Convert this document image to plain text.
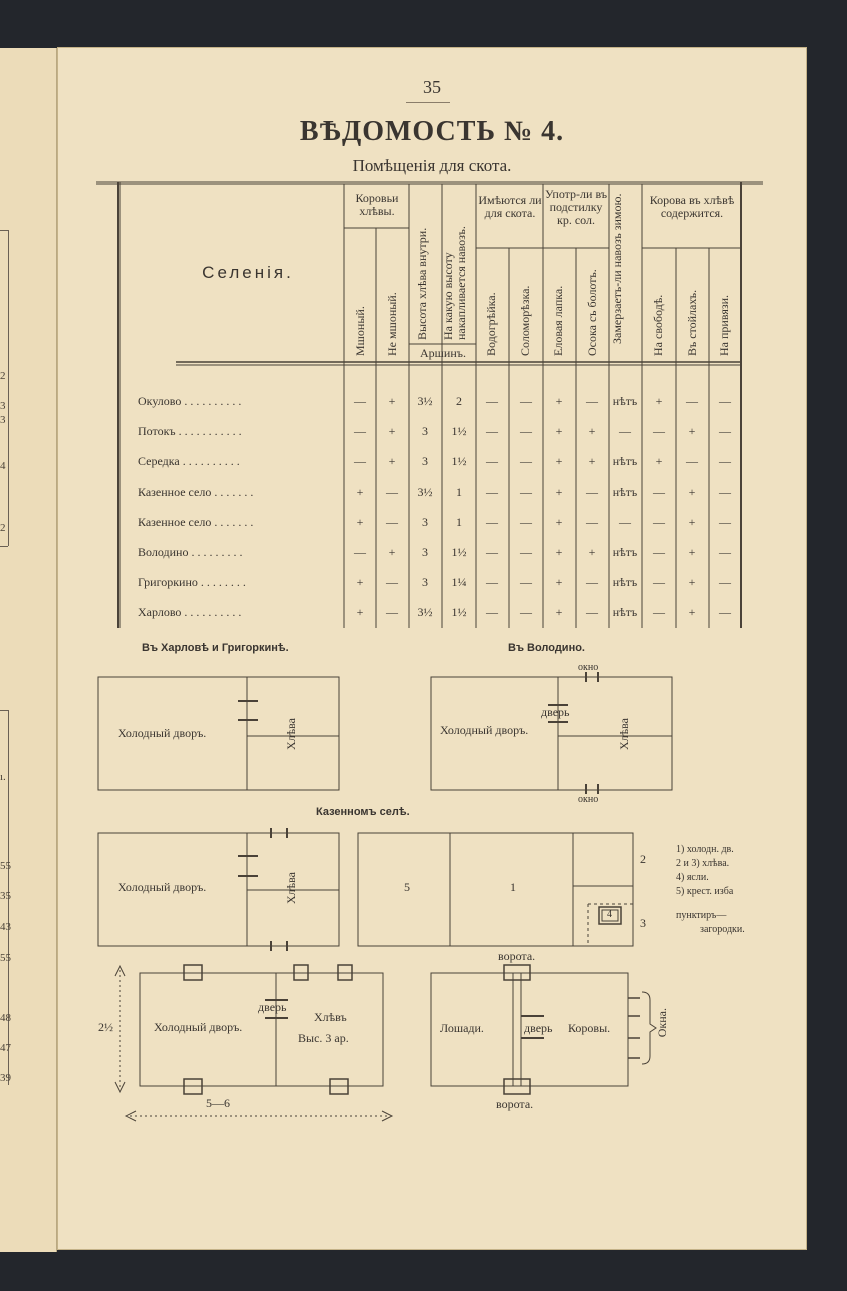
2
3
3
4
2
ı.
55
35
43
55
48
47
39
35
ВѢДОМОСТЬ № 4.
Помѣщенія для скота.
Селенія.
Коровьи хлѣвы.
Мшоный. Не мшоный. Высота хлѣва внутри. На какую высоту накапливается навозъ.
Аршинъ.
Имѣются ли для скота.
Водогрѣйка. Соломорѣзка.
Употр-ли въ подстилку кр. сол.
Еловая лапка. Осока съ болотъ. Замерзаетъ-ли навозъ зимою.	Корова въ хлѣвѣ содержится.
На свободѣ. Въ стойлахъ. На привязи.
Окулово . . . . . . . . . .	—	+	3½	2	—	—	+	—	нѣтъ	+	—	—
Потокъ . . . . . . . . . . .	—	+	3	1½	—	—	+	+	—	—	+	—
Середка . . . . . . . . . .	—	+	3	1½	—	—	+	+	нѣтъ	+	—	—
Казенное село . . . . . . .	+	—	3½	1	—	—	+	—	нѣтъ	—	+	—
Казенное село . . . . . . .	+	—	3	1	—	—	+	—	—	—	+	—
Володино . . . . . . . . .	—	+	3	1½	—	—	+	+	нѣтъ	—	+	—
Григоркино . . . . . . . .	+	—	3	1¼	—	—	+	—	нѣтъ	—	+	—
Харлово . . . . . . . . . .	+	—	3½	1½	—	—	+	—	нѣтъ	—	+	—
Въ Харловѣ и Григоркинѣ.	Въ Володино.
Казенномъ селѣ.
Холодный дворъ.	Хлѣва
окно
окно
дверь
Холодный дворъ.	Хлѣва
Холодный дворъ.	Хлѣва	5	1
2
3
4
1) холодн. дв.
2 и 3) хлѣва.
4) ясли.
5) крест. изба
пунктиръ—
загородки.
2½
5—6
дверь
Холодный дворъ.
Хлѣвъ
Выс. 3 ар.
ворота.
ворота.
Лошади.	дверь Коровы.	Окна.
